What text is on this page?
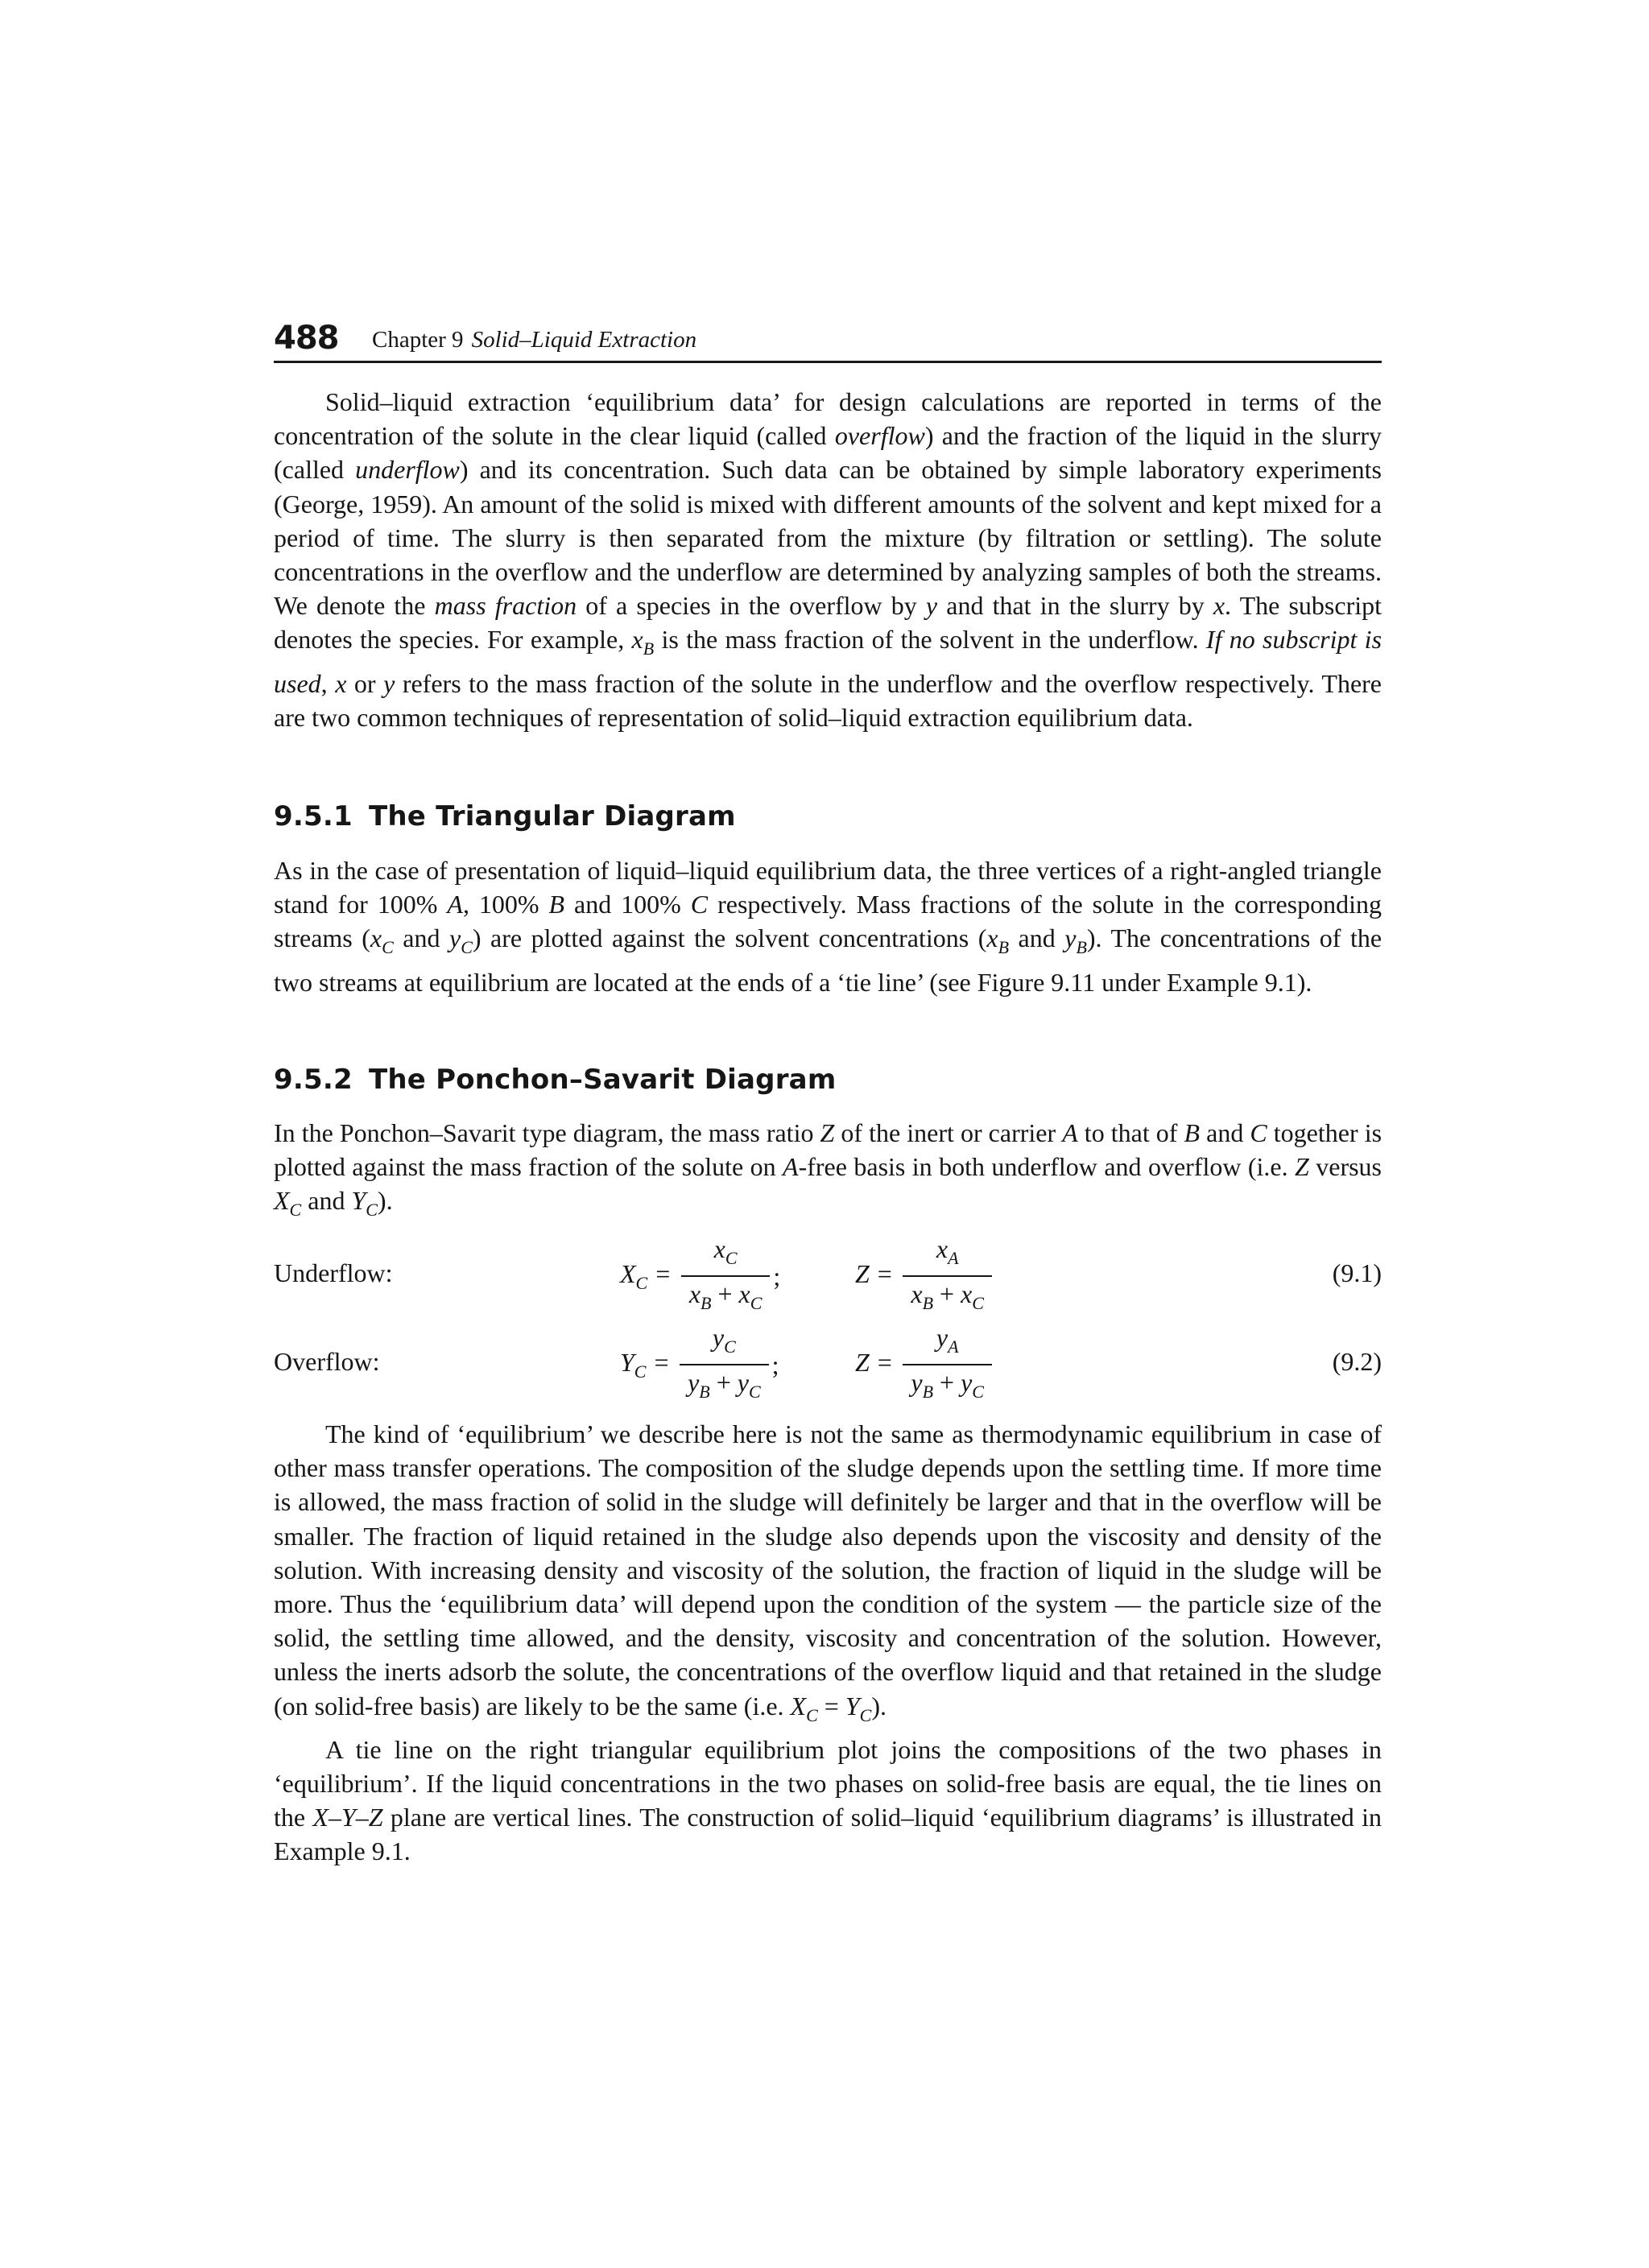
488 Chapter 9 Solid–Liquid Extraction

Solid–liquid extraction ‘equilibrium data’ for design calculations are reported in terms of the concentration of the solute in the clear liquid (called overflow) and the fraction of the liquid in the slurry (called underflow) and its concentration. Such data can be obtained by simple laboratory experiments (George, 1959). An amount of the solid is mixed with different amounts of the solvent and kept mixed for a period of time. The slurry is then separated from the mixture (by filtration or settling). The solute concentrations in the overflow and the underflow are determined by analyzing samples of both the streams. We denote the mass fraction of a species in the overflow by y and that in the slurry by x. The subscript denotes the species. For example, $x_B$ is the mass fraction of the solvent in the underflow. If no subscript is used, x or y refers to the mass fraction of the solute in the underflow and the overflow respectively. There are two common techniques of representation of solid–liquid extraction equilibrium data.

9.5.1 The Triangular Diagram

As in the case of presentation of liquid–liquid equilibrium data, the three vertices of a right-angled triangle stand for 100% A, 100% B and 100% C respectively. Mass fractions of the solute in the corresponding streams ($x_C$ and $y_C$) are plotted against the solvent concentrations ($x_B$ and $y_B$). The concentrations of the two streams at equilibrium are located at the ends of a ‘tie line’ (see Figure 9.11 under Example 9.1).

9.5.2 The Ponchon–Savarit Diagram

In the Ponchon–Savarit type diagram, the mass ratio Z of the inert or carrier A to that of B and C together is plotted against the mass fraction of the solute on A-free basis in both underflow and overflow (i.e. Z versus $X_C$ and $Y_C$).

Underflow:	$X_C = \frac{x_C}{x_B + x_C}$ ;	$Z = \frac{x_A}{x_B + x_C}$	(9.1)
Overflow:	$Y_C = \frac{y_C}{y_B + y_C}$ ;	$Z = \frac{y_A}{y_B + y_C}$	(9.2)

The kind of ‘equilibrium’ we describe here is not the same as thermodynamic equilibrium in case of other mass transfer operations. The composition of the sludge depends upon the settling time. If more time is allowed, the mass fraction of solid in the sludge will definitely be larger and that in the overflow will be smaller. The fraction of liquid retained in the sludge also depends upon the viscosity and density of the solution. With increasing density and viscosity of the solution, the fraction of liquid in the sludge will be more. Thus the ‘equilibrium data’ will depend upon the condition of the system — the particle size of the solid, the settling time allowed, and the density, viscosity and concentration of the solution. However, unless the inerts adsorb the solute, the concentrations of the overflow liquid and that retained in the sludge (on solid-free basis) are likely to be the same (i.e. $X_C = Y_C$).

A tie line on the right triangular equilibrium plot joins the compositions of the two phases in ‘equilibrium’. If the liquid concentrations in the two phases on solid-free basis are equal, the tie lines on the X–Y–Z plane are vertical lines. The construction of solid–liquid ‘equilibrium diagrams’ is illustrated in Example 9.1.
